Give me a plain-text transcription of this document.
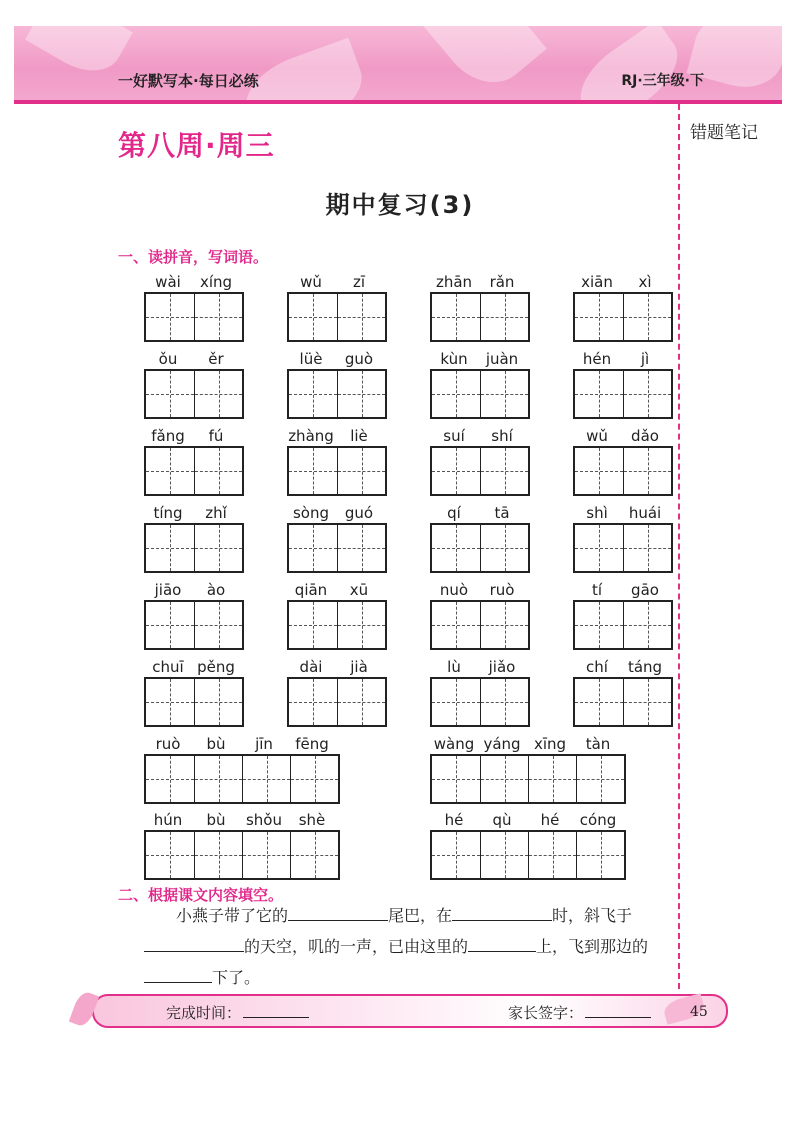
一好默写本·每日必练	RJ·三年级·下
错题笔记
第八周·周三
期中复习(3)
一、读拼音，写词语。
wài	xíng	wǔ	zī	zhān	rǎn	xiān	xì
ǒu	ěr	lüè	guò	kùn	juàn	hén	jì
fǎng	fú	zhàng	liè	suí	shí	wǔ	dǎo
tíng	zhǐ	sòng	guó	qí	tā	shì	huái
jiāo	ào	qiān	xū	nuò	ruò	tí	gāo
chuī pěng	dài	jià	lù	jiǎo	chí	táng
ruò	bù	jīn	fēng	wàng yáng xīng	tàn
hún	bù	shǒu	shè	hé	qù	hé	cóng
二、根据课文内容填空。
小燕子带了它的	尾巴，在	时，斜飞于
的天空，叽的一声，已由这里的	上，飞到那边的
下了。
完成时间：	家长签字：	45
